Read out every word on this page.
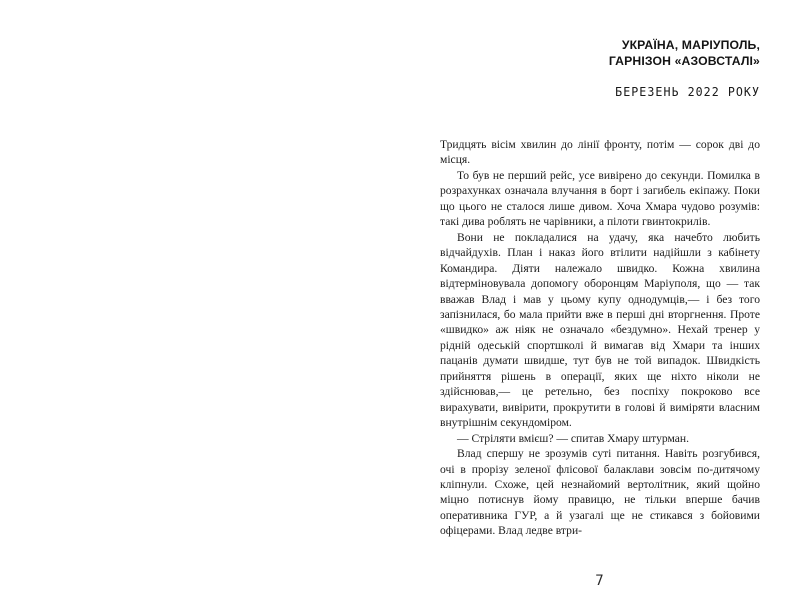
УКРАЇНА, МАРІУПОЛЬ,
ГАРНІЗОН «АЗОВСТАЛІ»
БЕРЕЗЕНЬ 2022 РОКУ

Тридцять вісім хвилин до лінії фронту, потім — сорок дві до місця.

То був не перший рейс, усе вивірено до секунди. Помилка в розрахунках означала влучання в борт і загибель екіпажу. Поки що цього не сталося лише дивом. Хоча Хмара чудово розумів: такі дива роблять не чарівники, а пілоти гвинтокрилів.

Вони не покладалися на удачу, яка начебто любить відчайдухів. План і наказ його втілити надійшли з кабінету Командира. Діяти належало швидко. Кожна хвилина відтерміновувала допомогу оборонцям Маріуполя, що — так вважав Влад і мав у цьому купу однодумців,— і без того запізнилася, бо мала прийти вже в перші дні вторгнення. Проте «швидко» аж ніяк не означало «бездумно». Нехай тренер у рідній одеській спортшколі й вимагав від Хмари та інших пацанів думати швидше, тут був не той випадок. Швидкість прийняття рішень в операції, яких ще ніхто ніколи не здійснював,— це ретельно, без поспіху покроково все вирахувати, вивірити, прокрутити в голові й виміряти власним внутрішнім секундоміром.

— Стріляти вмієш? — спитав Хмару штурман.

Влад спершу не зрозумів суті питання. Навіть розгубився, очі в прорізу зеленої флісової балаклави зовсім по-дитячому кліпнули. Схоже, цей незнайомий вертолітник, який щойно міцно потиснув йому правицю, не тільки вперше бачив оперативника ГУР, а й узагалі ще не стикався з бойовими офіцерами. Влад ледве втри-

7
